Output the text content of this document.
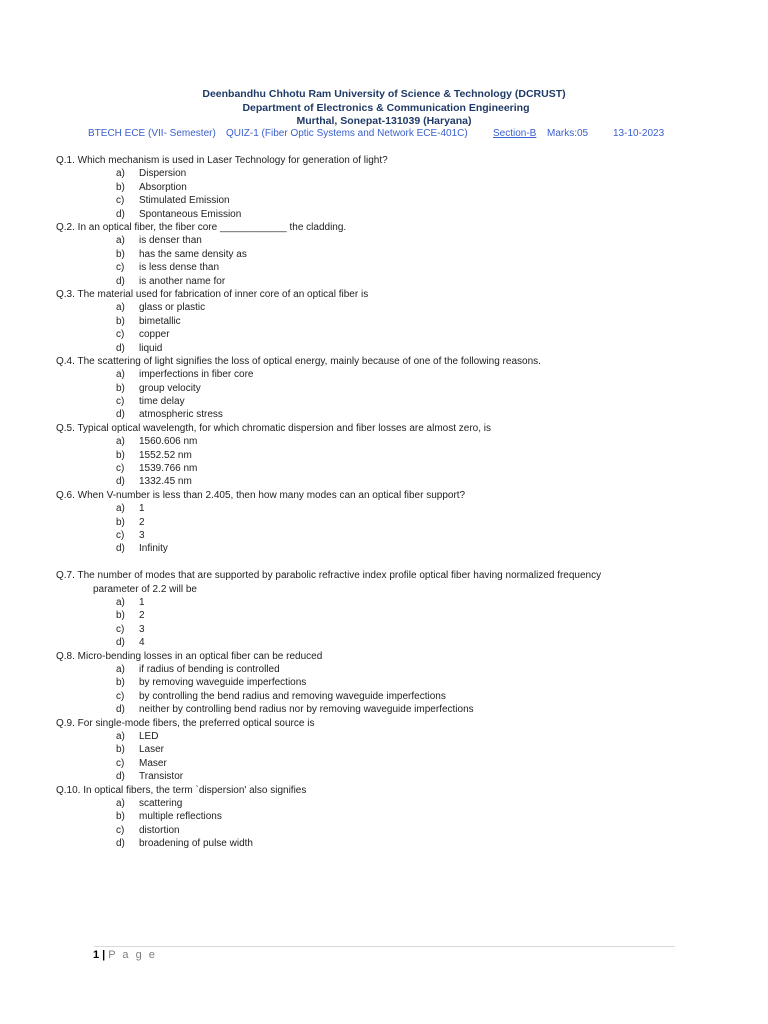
Deenbandhu Chhotu Ram University of Science & Technology (DCRUST)
Department of Electronics & Communication Engineering
Murthal, Sonepat-131039 (Haryana)
BTECH ECE (VII- Semester) QUIZ-1 (Fiber Optic Systems and Network ECE-401C)	Section-B Marks:05 13-10-2023
Q.1. Which mechanism is used in Laser Technology for generation of light?
a) Dispersion
b) Absorption
c) Stimulated Emission
d) Spontaneous Emission
Q.2. In an optical fiber, the fiber core ____________ the cladding.
a) is denser than
b) has the same density as
c) is less dense than
d) is another name for
Q.3. The material used for fabrication of inner core of an optical fiber is
a) glass or plastic
b) bimetallic
c) copper
d) liquid
Q.4. The scattering of light signifies the loss of optical energy, mainly because of one of the following reasons.
a) imperfections in fiber core
b) group velocity
c) time delay
d) atmospheric stress
Q.5. Typical optical wavelength, for which chromatic dispersion and fiber losses are almost zero, is
a) 1560.606 nm
b) 1552.52 nm
c) 1539.766 nm
d) 1332.45 nm
Q.6. When V-number is less than 2.405, then how many modes can an optical fiber support?
a) 1
b) 2
c) 3
d) Infinity
Q.7. The number of modes that are supported by parabolic refractive index profile optical fiber having normalized frequency
parameter of 2.2 will be
a) 1
b) 2
c) 3
d) 4
Q.8. Micro-bending losses in an optical fiber can be reduced
a) if radius of bending is controlled
b) by removing waveguide imperfections
c) by controlling the bend radius and removing waveguide imperfections
d) neither by controlling bend radius nor by removing waveguide imperfections
Q.9. For single-mode fibers, the preferred optical source is
a) LED
b) Laser
c) Maser
d) Transistor
Q.10. In optical fibers, the term `dispersion' also signifies
a) scattering
b) multiple reflections
c) distortion
d) broadening of pulse width
1 | P a g e
